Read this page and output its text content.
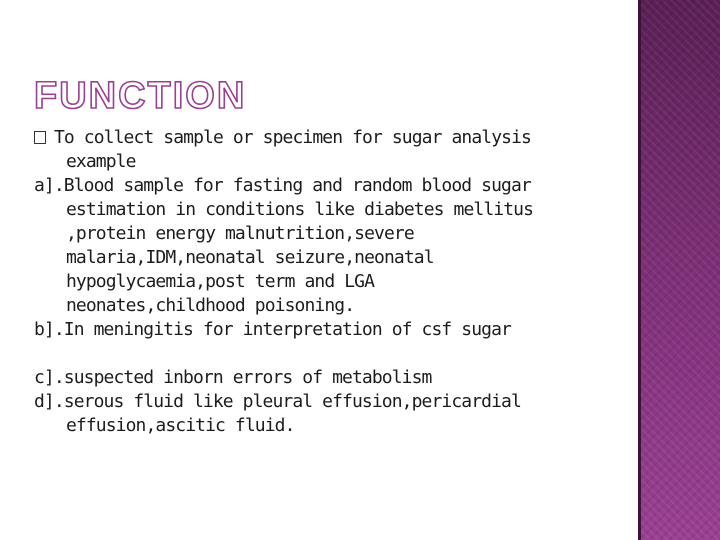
FUNCTION

To collect sample or specimen for sugar analysis

example

a].Blood sample for fasting and random blood sugar

estimation in conditions like diabetes mellitus

,protein energy malnutrition,severe

malaria,IDM,neonatal seizure,neonatal

hypoglycaemia,post term and LGA

neonates,childhood poisoning.

b].In meningitis for interpretation of csf sugar

c].suspected inborn errors of metabolism

d].serous fluid like pleural effusion,pericardial

effusion,ascitic fluid.
